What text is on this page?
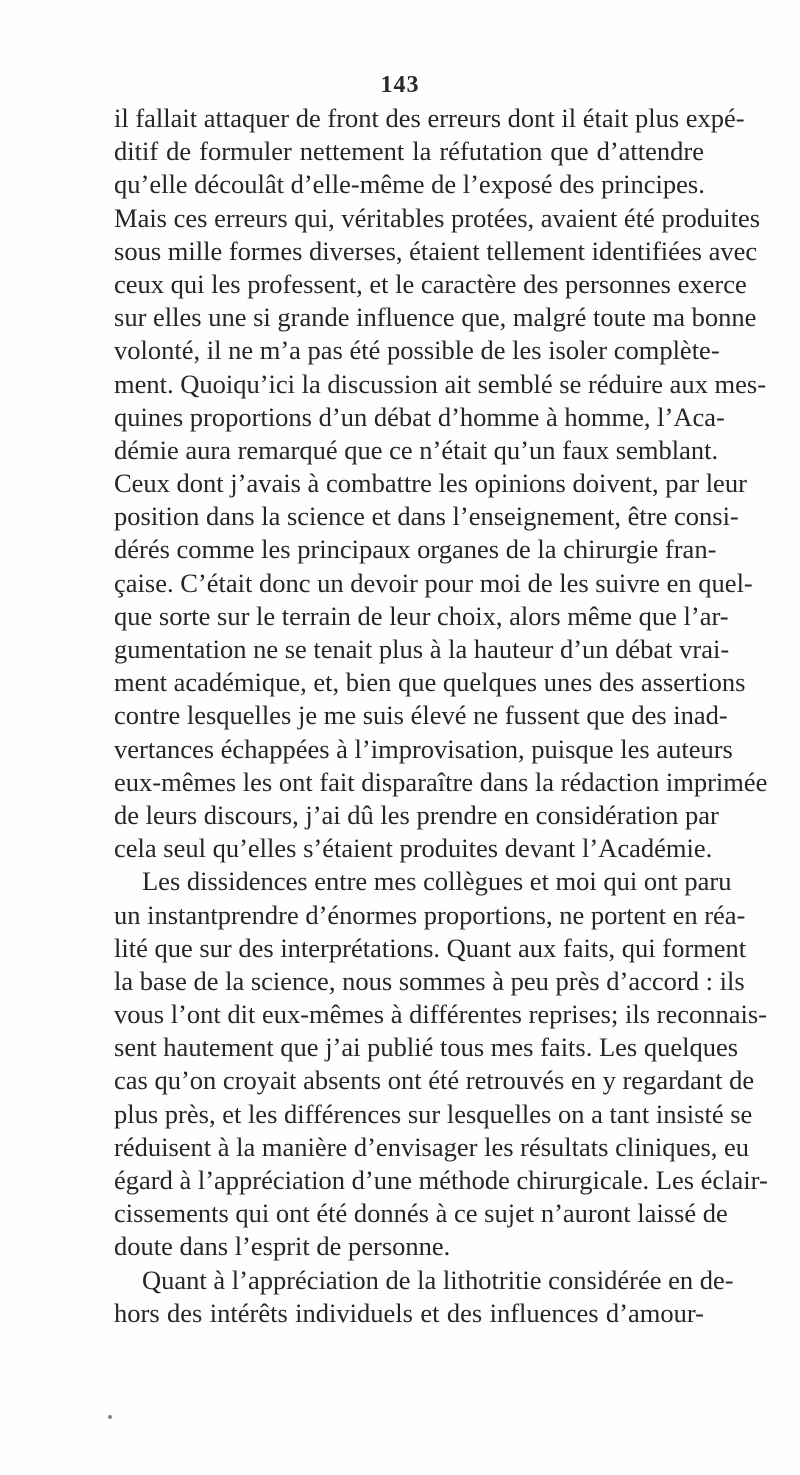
143
il fallait attaquer de front des erreurs dont il était plus expé-
ditif de formuler nettement la réfutation que d’attendre
qu’elle découlât d’elle-même de l’exposé des principes.
Mais ces erreurs qui, véritables protées, avaient été produites
sous mille formes diverses, étaient tellement identifiées avec
ceux qui les professent, et le caractère des personnes exerce
sur elles une si grande influence que, malgré toute ma bonne
volonté, il ne m’a pas été possible de les isoler complète-
ment. Quoiqu’ici la discussion ait semblé se réduire aux mes-
quines proportions d’un débat d’homme à homme, l’Aca-
démie aura remarqué que ce n’était qu’un faux semblant.
Ceux dont j’avais à combattre les opinions doivent, par leur
position dans la science et dans l’enseignement, être consi-
dérés comme les principaux organes de la chirurgie fran-
çaise. C’était donc un devoir pour moi de les suivre en quel-
que sorte sur le terrain de leur choix, alors même que l’ar-
gumentation ne se tenait plus à la hauteur d’un débat vrai-
ment académique, et, bien que quelques unes des assertions
contre lesquelles je me suis élevé ne fussent que des inad-
vertances échappées à l’improvisation, puisque les auteurs
eux-mêmes les ont fait disparaître dans la rédaction imprimée
de leurs discours, j’ai dû les prendre en considération par
cela seul qu’elles s’étaient produites devant l’Académie.
Les dissidences entre mes collègues et moi qui ont paru
un instantprendre d’énormes proportions, ne portent en réa-
lité que sur des interprétations. Quant aux faits, qui forment
la base de la science, nous sommes à peu près d’accord : ils
vous l’ont dit eux-mêmes à différentes reprises; ils reconnais-
sent hautement que j’ai publié tous mes faits. Les quelques
cas qu’on croyait absents ont été retrouvés en y regardant de
plus près, et les différences sur lesquelles on a tant insisté se
réduisent à la manière d’envisager les résultats cliniques, eu
égard à l’appréciation d’une méthode chirurgicale. Les éclair-
cissements qui ont été donnés à ce sujet n’auront laissé de
doute dans l’esprit de personne.
Quant à l’appréciation de la lithotritie considérée en de-
hors des intérêts individuels et des influences d’amour-
